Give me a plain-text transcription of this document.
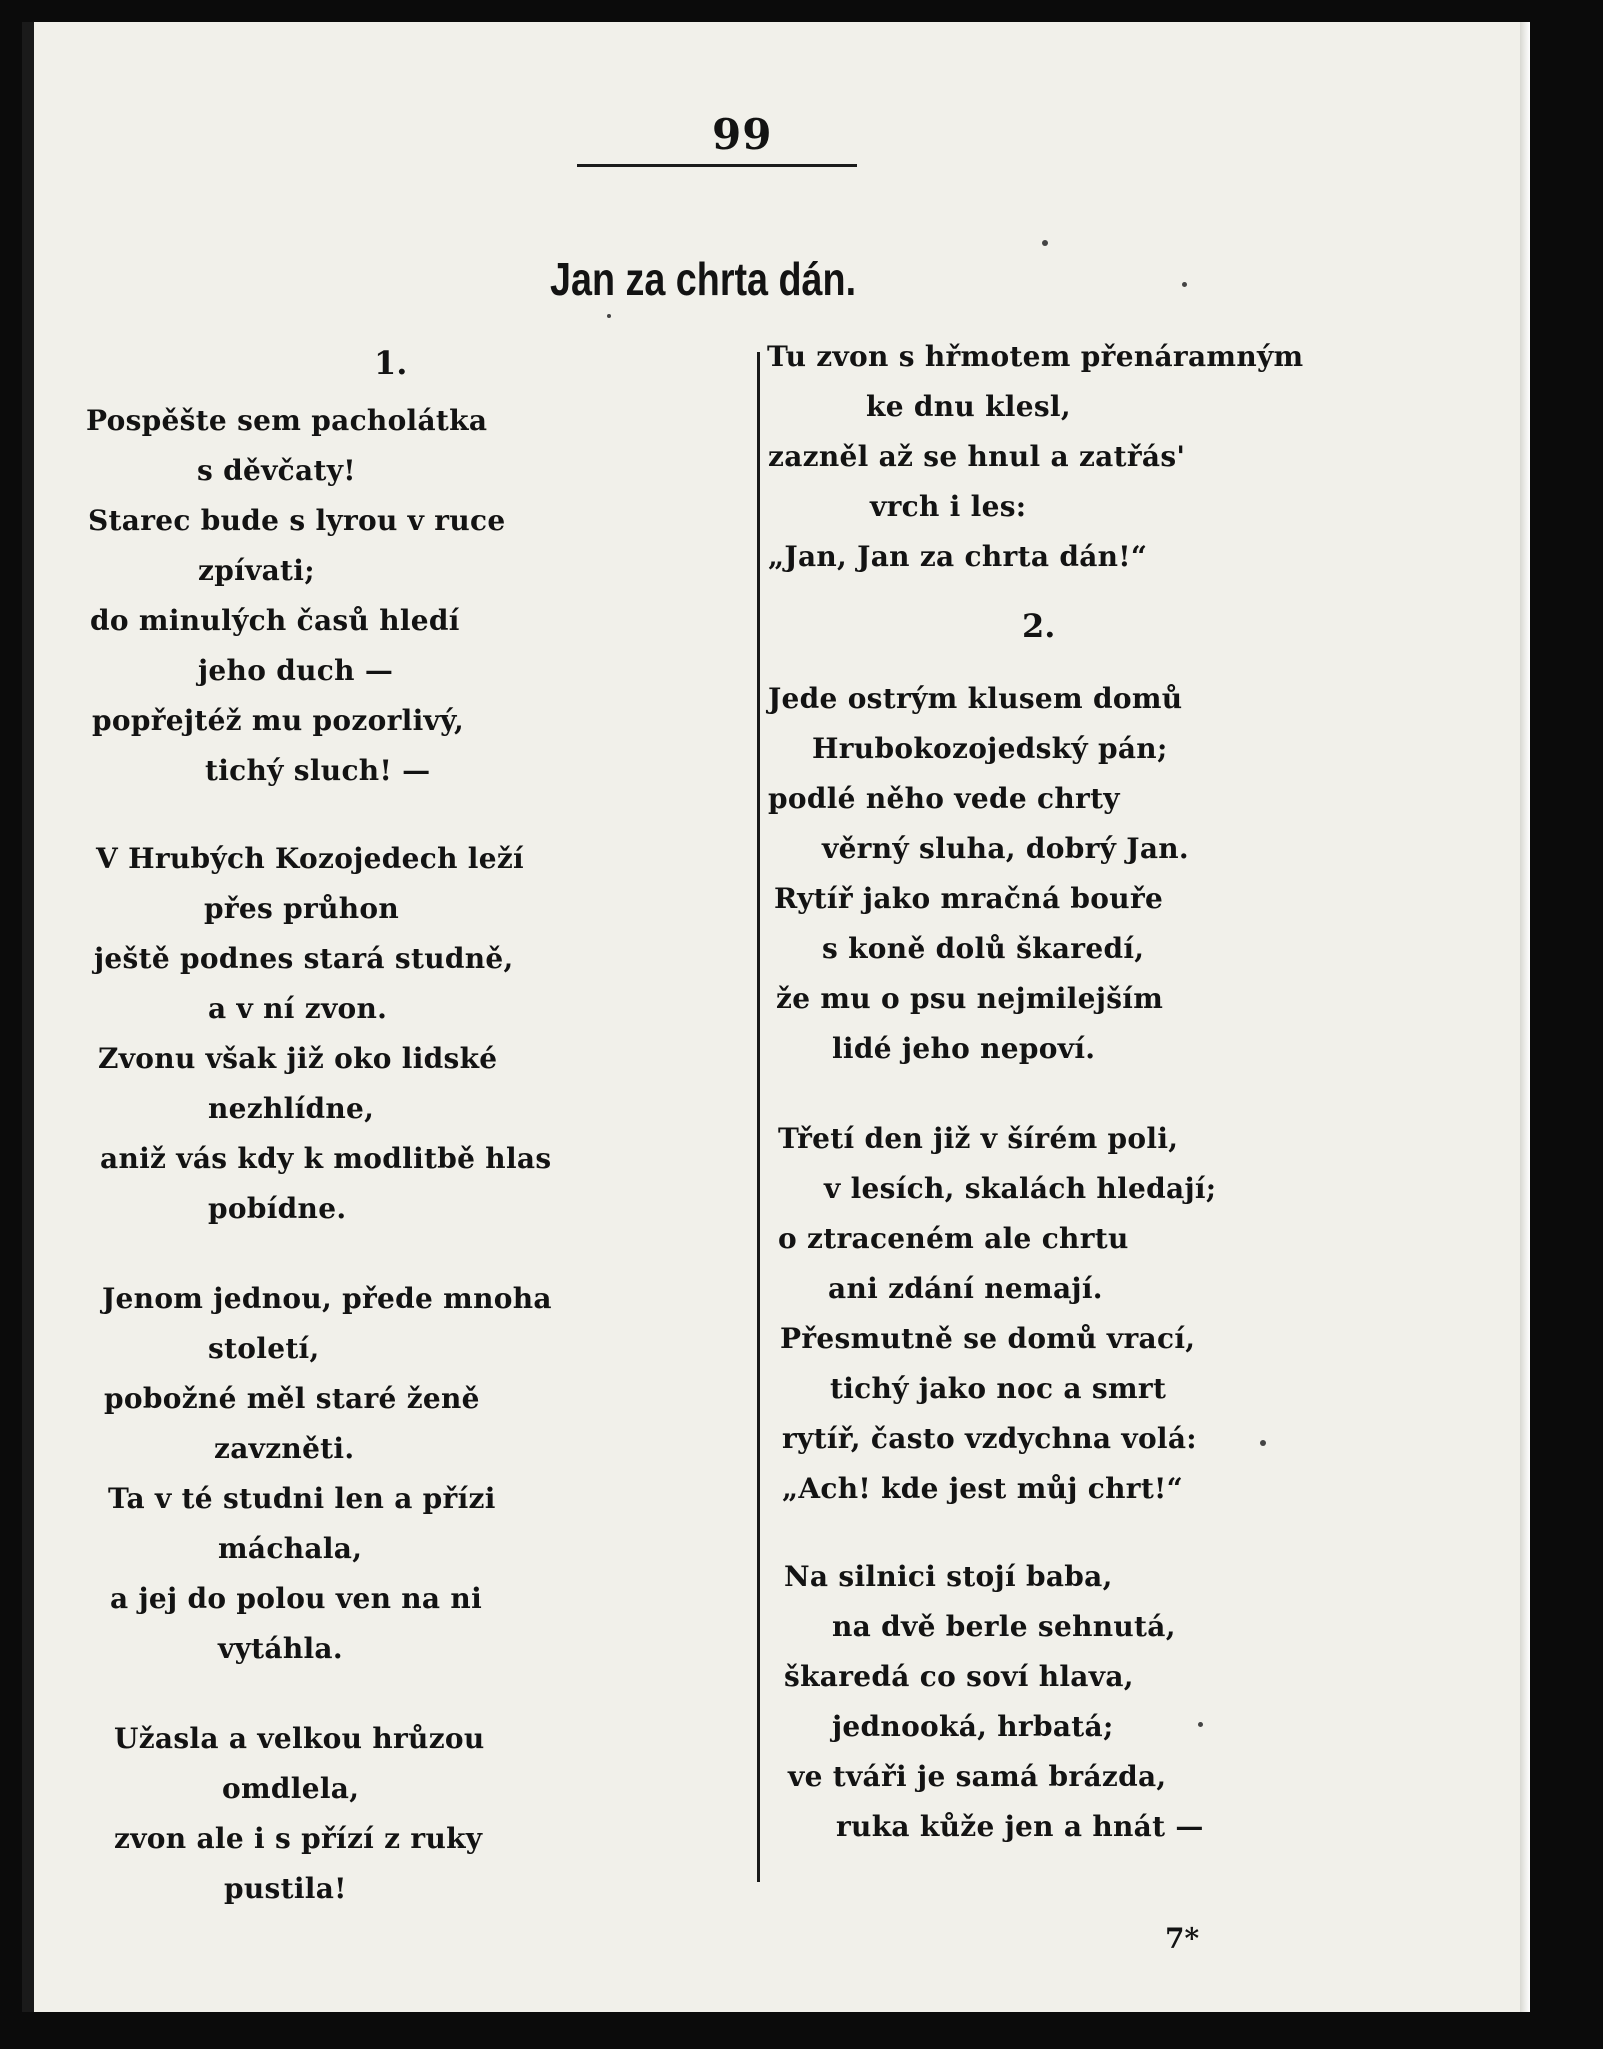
99
Jan za chrta dán.
1.
Pospěšte sem pacholátka
s děvčaty!
Starec bude s lyrou v ruce
zpívati;
do minulých časů hledí
jeho duch —
popřejtéž mu pozorlivý,
tichý sluch! —
V Hrubých Kozojedech leží
přes průhon
ještě podnes stará studně,
a v ní zvon.
Zvonu však již oko lidské
nezhlídne,
aniž vás kdy k modlitbě hlas
pobídne.
Jenom jednou, přede mnoha
století,
pobožné měl staré ženě
zavzněti.
Ta v té studni len a přízi
máchala,
a jej do polou ven na ni
vytáhla.
Užasla a velkou hrůzou
omdlela,
zvon ale i s přízí z ruky
pustila!
Tu zvon s hřmotem přenáramným
ke dnu klesl,
zazněl až se hnul a zatřás'
vrch i les:
„Jan, Jan za chrta dán!“
2.
Jede ostrým klusem domů
Hrubokozojedský pán;
podlé něho vede chrty
věrný sluha, dobrý Jan.
Rytíř jako mračná bouře
s koně dolů škaredí,
že mu o psu nejmilejším
lidé jeho nepoví.
Třetí den již v šírém poli,
v lesích, skalách hledají;
o ztraceném ale chrtu
ani zdání nemají.
Přesmutně se domů vrací,
tichý jako noc a smrt
rytíř, často vzdychna volá:
„Ach! kde jest můj chrt!“
Na silnici stojí baba,
na dvě berle sehnutá,
škaredá co soví hlava,
jednooká, hrbatá;
ve tváři je samá brázda,
ruka kůže jen a hnát —
7*
